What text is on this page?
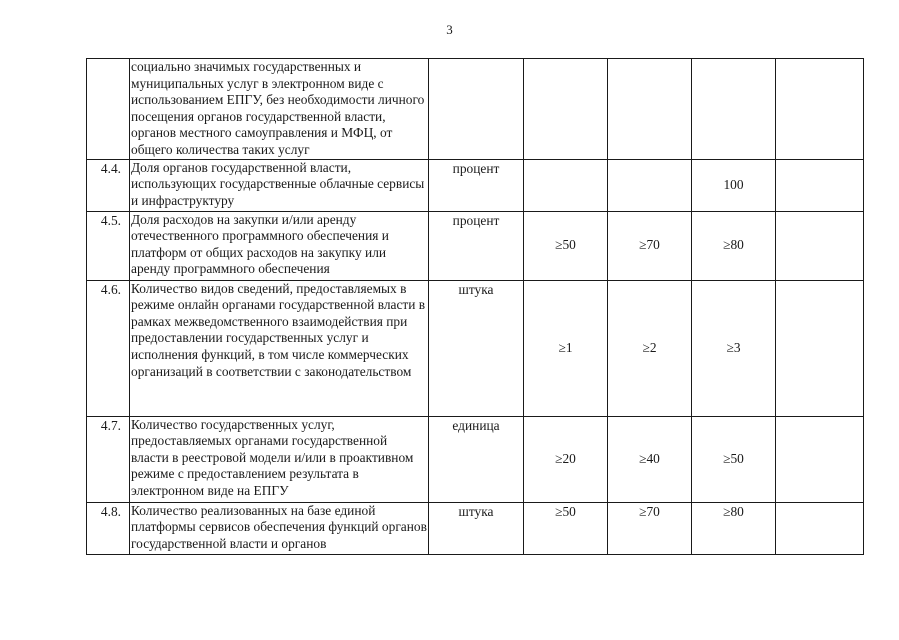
3

	социально значимых государственных и муниципальных услуг в электронном виде с использованием ЕПГУ, без необходимости личного посещения органов государственной власти, органов местного самоуправления и МФЦ, от общего количества таких услуг					

4.4.	Доля органов государственной власти, использующих государственные облачные сервисы и инфраструктуру	процент			100	
4.5.	Доля расходов на закупки и/или аренду отечественного программного обеспечения и платформ от общих расходов на закупку или аренду программного обеспечения	процент	≥50	≥70	≥80	
4.6.	Количество видов сведений, предоставляемых в режиме онлайн органами государственной власти в рамках межведомственного взаимодействия при предоставлении государственных услуг и исполнения функций, в том числе коммерческих организаций в соответствии с законодательством	штука	≥1	≥2	≥3	
4.7.	Количество государственных услуг, предоставляемых органами государственной власти в реестровой модели и/или в проактивном режиме с предоставлением результата в электронном виде на ЕПГУ	единица	≥20	≥40	≥50	
4.8.	Количество реализованных на базе единой платформы сервисов обеспечения функций органов государственной власти и органов	штука	≥50	≥70	≥80	
